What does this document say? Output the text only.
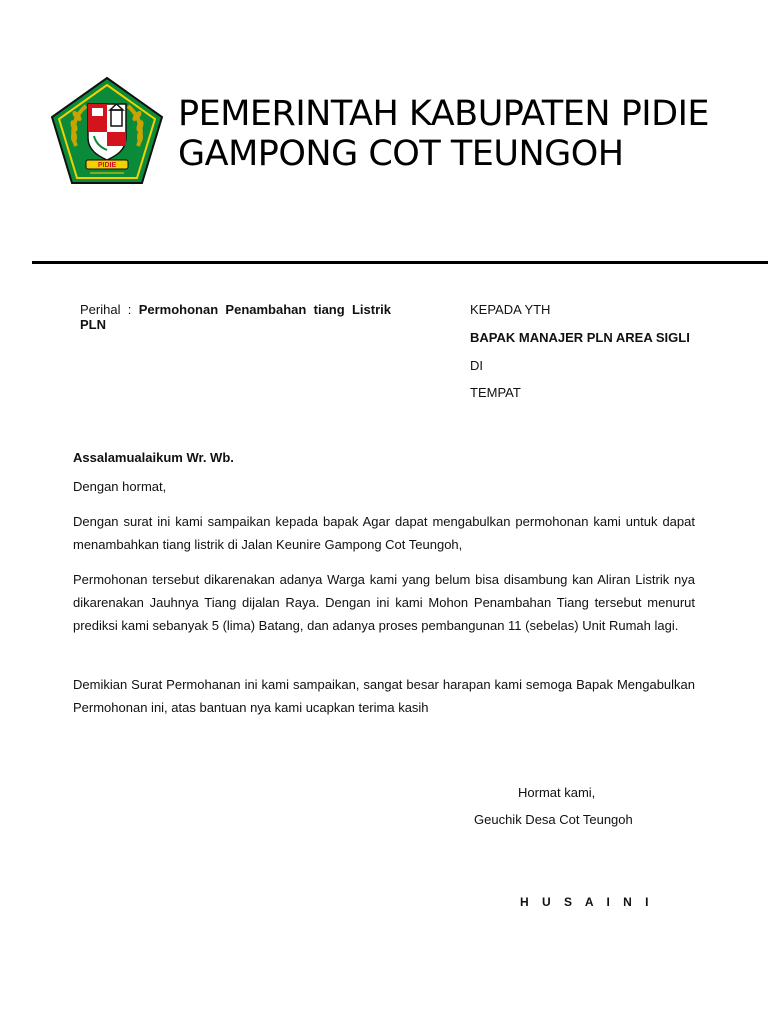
PIDIE
PEMERINTAH KABUPATEN PIDIE
GAMPONG COT TEUNGOH
Perihal : Permohonan Penambahan tiang Listrik PLN
KEPADA YTH
BAPAK MANAJER PLN AREA SIGLI
DI
TEMPAT
Assalamualaikum Wr. Wb.
Dengan hormat,
Dengan surat ini kami sampaikan kepada bapak Agar dapat mengabulkan permohonan kami untuk dapat menambahkan tiang listrik di Jalan Keunire Gampong Cot Teungoh,
Permohonan tersebut dikarenakan adanya Warga kami yang belum bisa disambung kan Aliran Listrik nya dikarenakan Jauhnya Tiang dijalan Raya. Dengan ini kami Mohon Penambahan Tiang tersebut menurut prediksi kami sebanyak 5 (lima) Batang, dan adanya proses pembangunan 11 (sebelas) Unit Rumah lagi.
Demikian Surat Permohanan ini kami sampaikan, sangat besar harapan kami semoga Bapak Mengabulkan Permohonan ini, atas bantuan nya kami ucapkan terima kasih
Hormat kami,
Geuchik Desa Cot Teungoh
H U S A I N I
